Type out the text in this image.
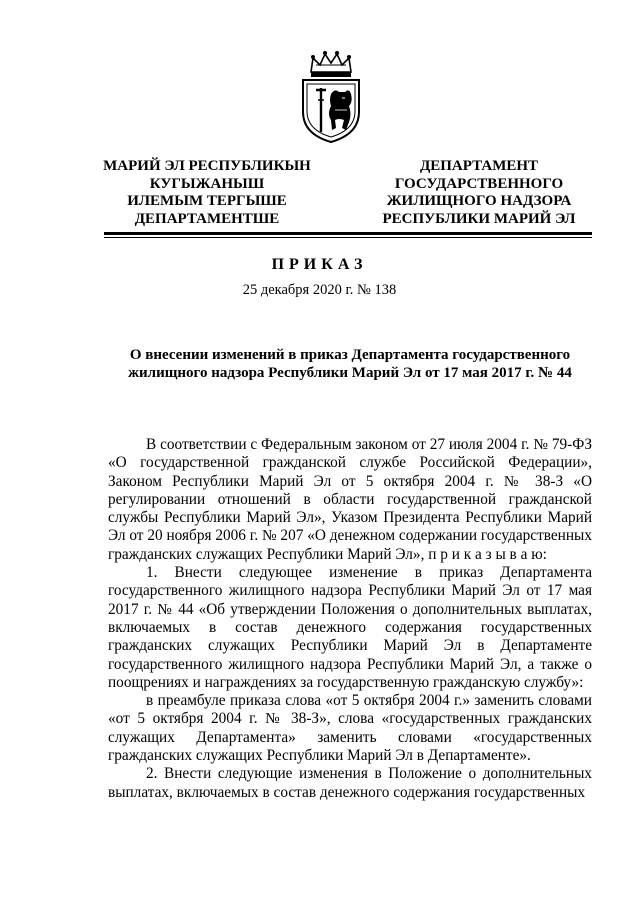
МАРИЙ ЭЛ РЕСПУБЛИКЫН
КУГЫЖАНЫШ
ИЛЕМЫМ ТЕРГЫШЕ
ДЕПАРТАМЕНТШЕ
ДЕПАРТАМЕНТ
ГОСУДАРСТВЕННОГО
ЖИЛИЩНОГО НАДЗОРА
РЕСПУБЛИКИ МАРИЙ ЭЛ
ПРИКАЗ
25 декабря 2020 г. № 138
О внесении изменений в приказ Департамента государственного жилищного надзора Республики Марий Эл от 17 мая 2017 г. № 44

В соответствии с Федеральным законом от 27 июля 2004 г. № 79-ФЗ «О государственной гражданской службе Российской Федерации», Законом Республики Марий Эл от 5 октября 2004 г. № 38-З «О регулировании отношений в области государственной гражданской службы Республики Марий Эл», Указом Президента Республики Марий Эл от 20 ноября 2006 г. № 207 «О денежном содержании государственных гражданских служащих Республики Марий Эл», п р и к а з ы в а ю:

1. Внести следующее изменение в приказ Департамента государственного жилищного надзора Республики Марий Эл от 17 мая 2017 г. № 44 «Об утверждении Положения о дополнительных выплатах, включаемых в состав денежного содержания государственных гражданских служащих Республики Марий Эл в Департаменте государственного жилищного надзора Республики Марий Эл, а также о поощрениях и награждениях за государственную гражданскую службу»:

в преамбуле приказа слова «от 5 октября 2004 г.» заменить словами «от 5 октября 2004 г. № 38-З», слова «государственных гражданских служащих Департамента» заменить словами «государственных гражданских служащих Республики Марий Эл в Департаменте».

2. Внести следующие изменения в Положение о дополнительных выплатах, включаемых в состав денежного содержания государственных
